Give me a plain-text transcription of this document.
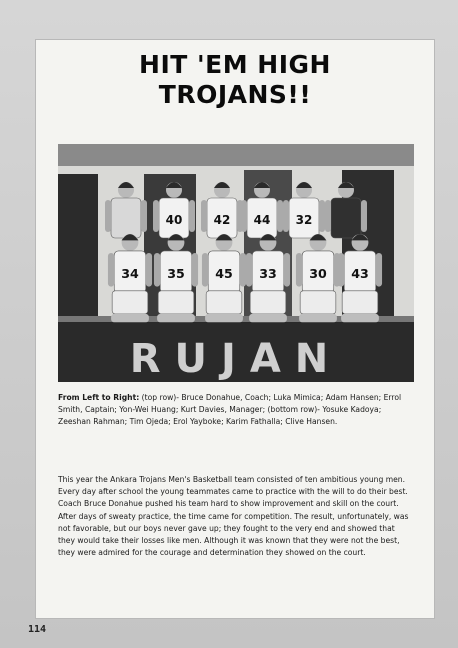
HIT 'EM HIGH
TROJANS!!
RUJAN
40	42 44 32
34 35 45 33	30 43
From Left to Right: (top row)- Bruce Donahue, Coach; Luka Mimica; Adam Hansen; Errol Smith, Captain; Yon-Wei Huang; Kurt Davies, Manager; (bottom row)- Yosuke Kadoya; Zeeshan Rahman; Tim Ojeda; Erol Yayboke; Karim Fathalla; Clive Hansen.
This year the Ankara Trojans Men's Basketball team consisted of ten ambitious young men. Every day after school the young teammates came to practice with the will to do their best. Coach Bruce Donahue pushed his team hard to show improvement and skill on the court. After days of sweaty practice, the time came for competition. The result, unfortunately, was not favorable, but our boys never gave up; they fought to the very end and showed that they would take their losses like men. Although it was known that they were not the best, they were admired for the courage and determination they showed on the court.
114
